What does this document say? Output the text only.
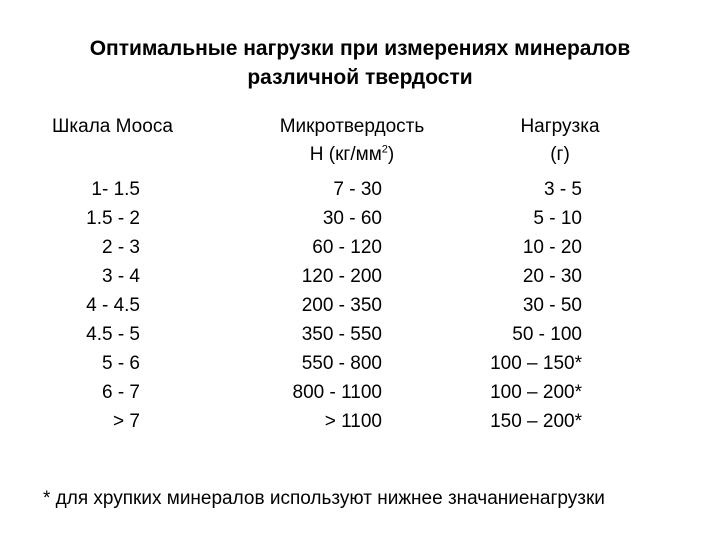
Оптимальные нагрузки при измерениях минералов
различной твердости
Шкала Мооса	Микротвердость
Н $(кг/мм^2)$
Нагрузка
(г)
1- 1.5
1.5 - 2
2 - 3
3 - 4
4 - 4.5
4.5 - 5
5 - 6
6 - 7
> 7
7 - 30
30 - 60
60 - 120
120 - 200
200 - 350
350 - 550
550 - 800
800 - 1100
> 1100
3 - 5
5 - 10
10 - 20
20 - 30
30 - 50
50 - 100
100 – 150*
100 – 200*
150 – 200*
* для хрупких минералов используют нижнее значаниенагрузки
